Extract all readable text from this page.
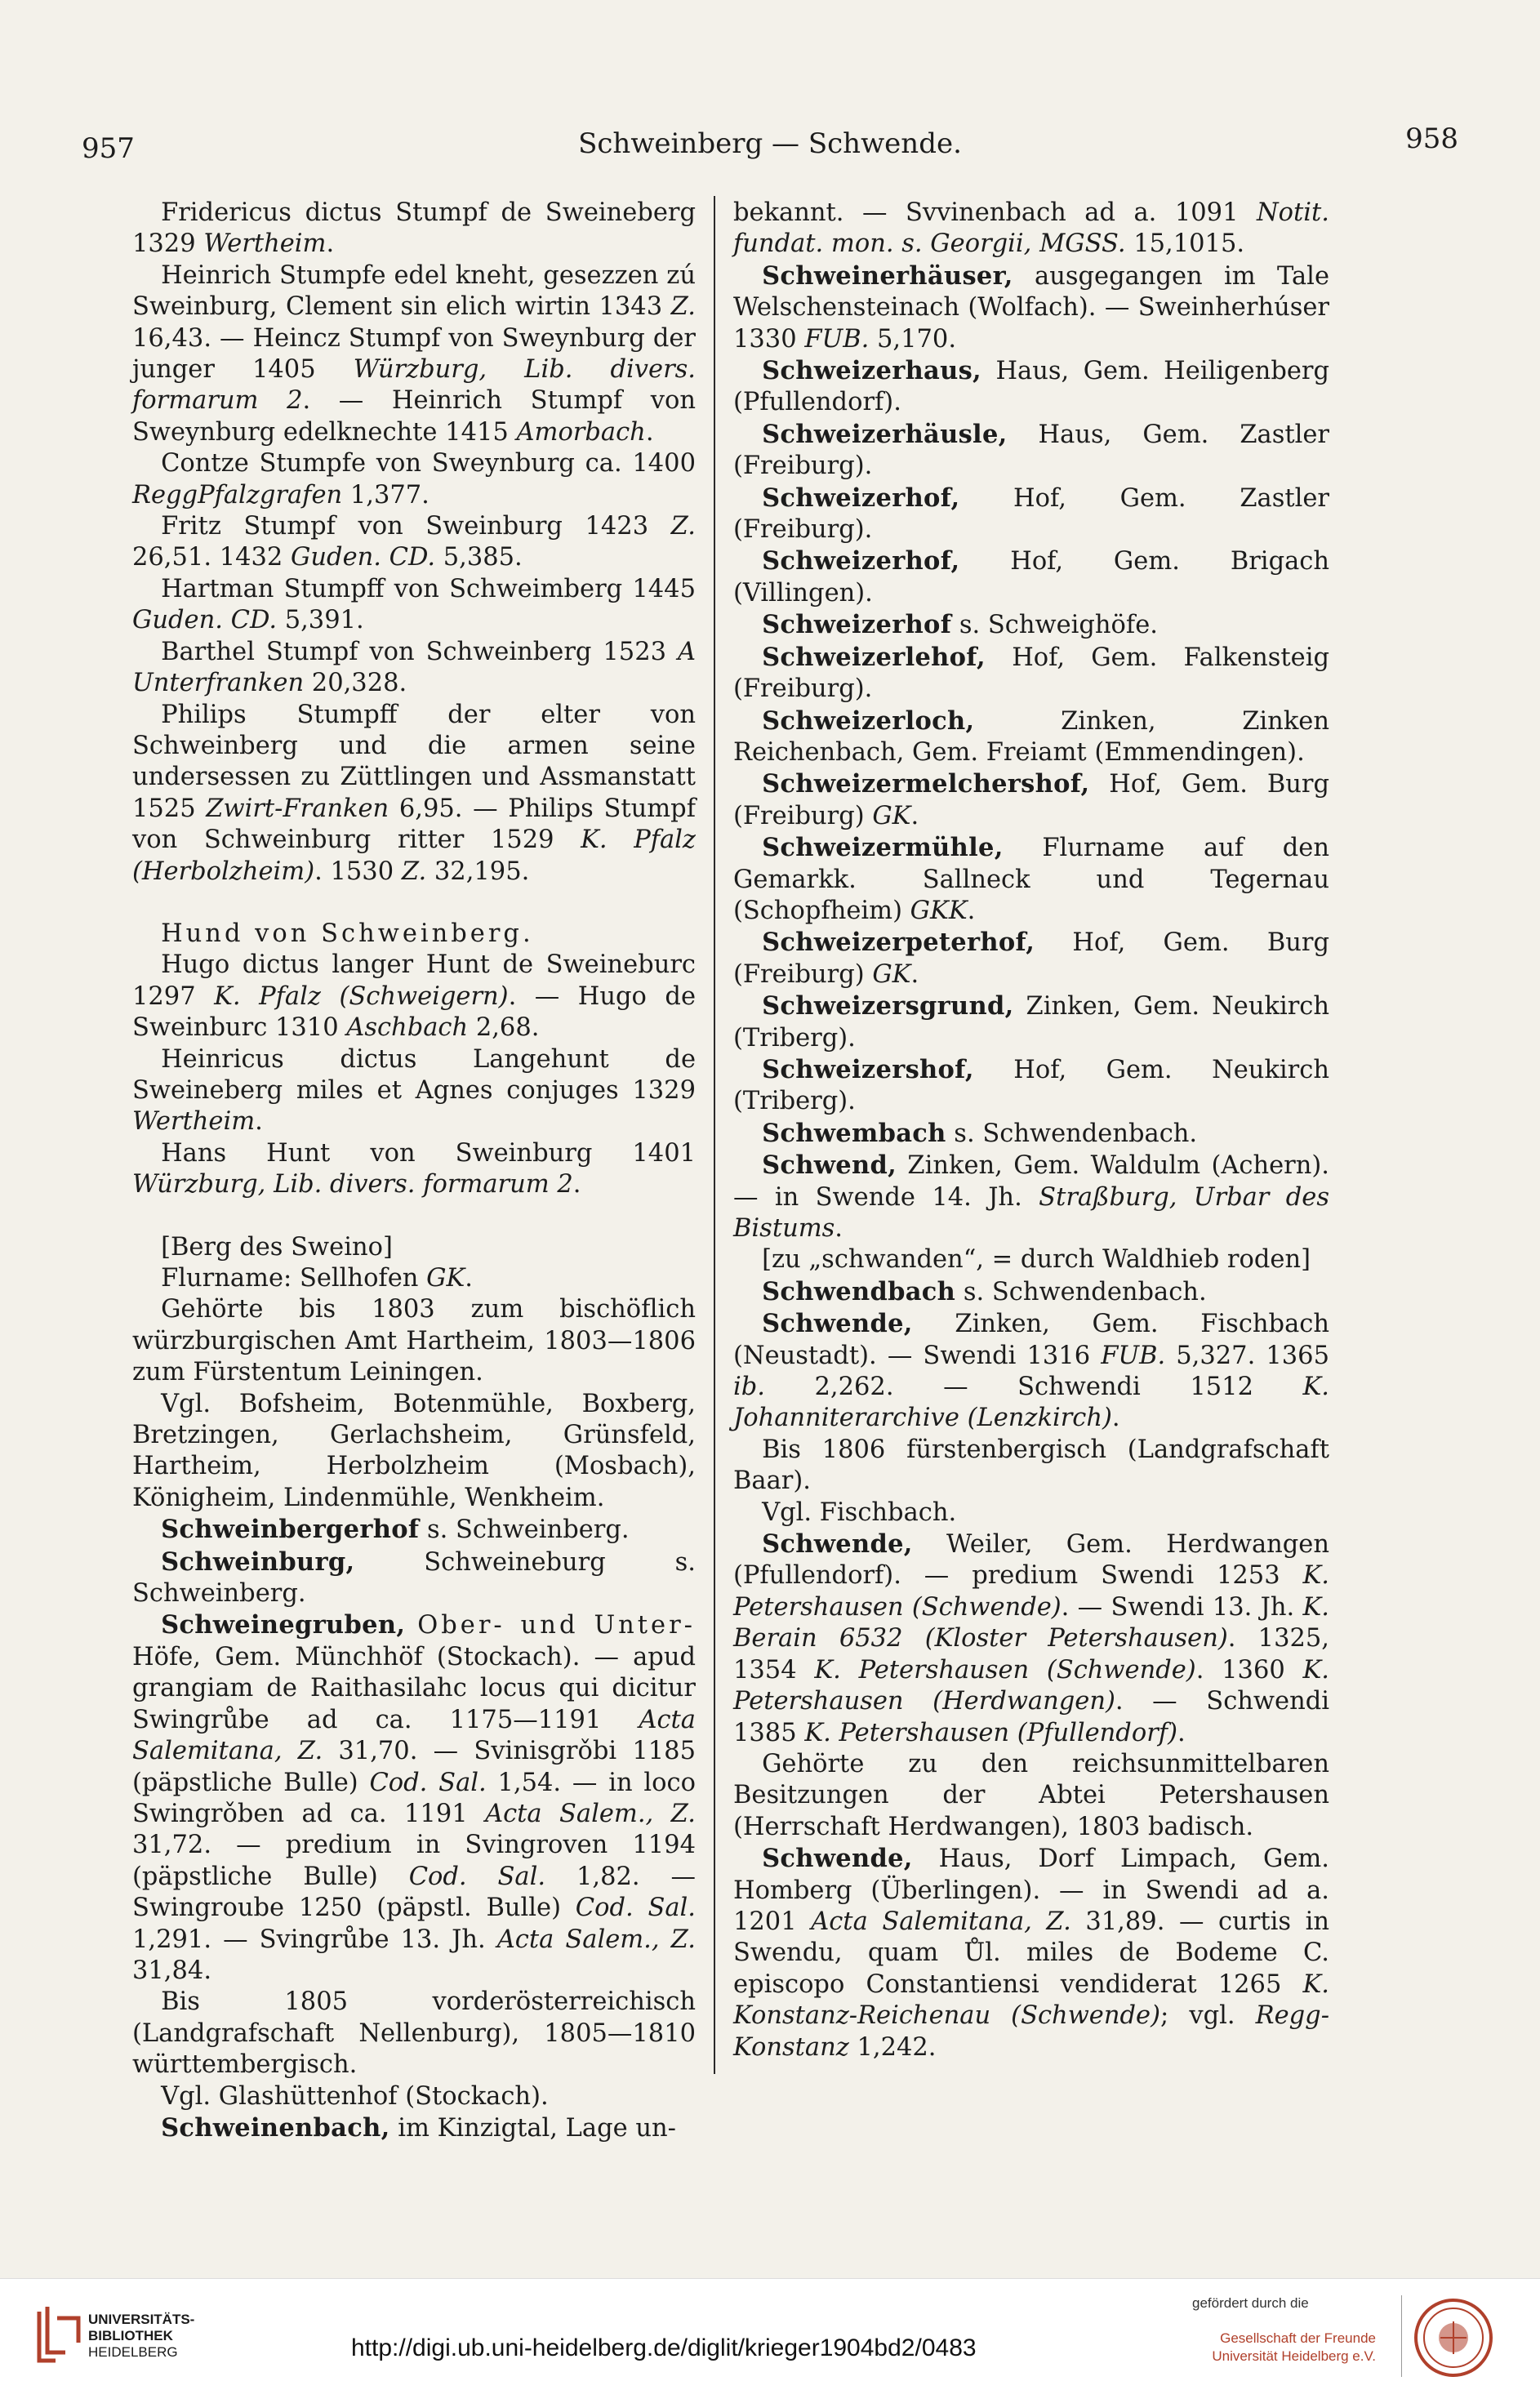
957	Schweinberg — Schwende.	958

Fridericus dictus Stumpf de Sweineberg 1329 Wertheim.

Heinrich Stumpfe edel kneht, gesezzen zú Sweinburg, Clement sin elich wirtin 1343 Z. 16,43. — Heincz Stumpf von Sweynburg der junger 1405 Würzburg, Lib. divers. formarum 2. — Heinrich Stumpf von Sweynburg edelknechte 1415 Amorbach.

Contze Stumpfe von Sweynburg ca. 1400 ReggPfalzgrafen 1,377.

Fritz Stumpf von Sweinburg 1423 Z. 26,51. 1432 Guden. CD. 5,385.

Hartman Stumpff von Schweimberg 1445 Guden. CD. 5,391.

Barthel Stumpf von Schweinberg 1523 A Unterfranken 20,328.

Philips Stumpff der elter von Schweinberg und die armen seine undersessen zu Züttlingen und Assmanstatt 1525 Zwirt-Franken 6,95. — Philips Stumpf von Schweinburg ritter 1529 K. Pfalz (Herbolzheim). 1530 Z. 32,195.

Hund von Schweinberg.

Hugo dictus langer Hunt de Sweineburc 1297 K. Pfalz (Schweigern). — Hugo de Sweinburc 1310 Aschbach 2,68.

Heinricus dictus Langehunt de Sweineberg miles et Agnes conjuges 1329 Wertheim.

Hans Hunt von Sweinburg 1401 Würzburg, Lib. divers. formarum 2.

[Berg des Sweino]

Flurname: Sellhofen GK.

Gehörte bis 1803 zum bischöflich würzburgischen Amt Hartheim, 1803—1806 zum Fürstentum Leiningen.

Vgl. Bofsheim, Botenmühle, Boxberg, Bretzingen, Gerlachsheim, Grünsfeld, Hartheim, Herbolzheim (Mosbach), Königheim, Lindenmühle, Wenkheim.

Schweinbergerhof s. Schweinberg.

Schweinburg, Schweineburg s. Schweinberg.

Schweinegruben, Ober- und Unter- Höfe, Gem. Münchhöf (Stockach). — apud grangiam de Raithasilahc locus qui dicitur Swingrůbe ad ca. 1175—1191 Acta Salemitana, Z. 31,70. — Svinisgrǒbi 1185 (päpstliche Bulle) Cod. Sal. 1,54. — in loco Swingrǒben ad ca. 1191 Acta Salem., Z. 31,72. — predium in Svingroven 1194 (päpstliche Bulle) Cod. Sal. 1,82. — Swingroube 1250 (päpstl. Bulle) Cod. Sal. 1,291. — Svingrůbe 13. Jh. Acta Salem., Z. 31,84.

Bis 1805 vorderösterreichisch (Landgrafschaft Nellenburg), 1805—1810 württembergisch.

Vgl. Glashüttenhof (Stockach).

Schweinenbach, im Kinzigtal, Lage un-

bekannt. — Svvinenbach ad a. 1091 Notit. fundat. mon. s. Georgii, MGSS. 15,1015.

Schweinerhäuser, ausgegangen im Tale Welschensteinach (Wolfach). — Sweinherhúser 1330 FUB. 5,170.

Schweizerhaus, Haus, Gem. Heiligenberg (Pfullendorf).

Schweizerhäusle, Haus, Gem. Zastler (Freiburg).

Schweizerhof, Hof, Gem. Zastler (Freiburg).

Schweizerhof, Hof, Gem. Brigach (Villingen).

Schweizerhof s. Schweighöfe.

Schweizerlehof, Hof, Gem. Falkensteig (Freiburg).

Schweizerloch, Zinken, Zinken Reichenbach, Gem. Freiamt (Emmendingen).

Schweizermelchershof, Hof, Gem. Burg (Freiburg) GK.

Schweizermühle, Flurname auf den Gemarkk. Sallneck und Tegernau (Schopfheim) GKK.

Schweizerpeterhof, Hof, Gem. Burg (Freiburg) GK.

Schweizersgrund, Zinken, Gem. Neukirch (Triberg).

Schweizershof, Hof, Gem. Neukirch (Triberg).

Schwembach s. Schwendenbach.

Schwend, Zinken, Gem. Waldulm (Achern). — in Swende 14. Jh. Straßburg, Urbar des Bistums.

[zu „schwanden“, = durch Waldhieb roden]

Schwendbach s. Schwendenbach.

Schwende, Zinken, Gem. Fischbach (Neustadt). — Swendi 1316 FUB. 5,327. 1365 ib. 2,262. — Schwendi 1512 K. Johanniterarchive (Lenzkirch).

Bis 1806 fürstenbergisch (Landgrafschaft Baar).

Vgl. Fischbach.

Schwende, Weiler, Gem. Herdwangen (Pfullendorf). — predium Swendi 1253 K. Petershausen (Schwende). — Swendi 13. Jh. K. Berain 6532 (Kloster Petershausen). 1325, 1354 K. Petershausen (Schwende). 1360 K. Petershausen (Herdwangen). — Schwendi 1385 K. Petershausen (Pfullendorf).

Gehörte zu den reichsunmittelbaren Besitzungen der Abtei Petershausen (Herrschaft Herdwangen), 1803 badisch.

Schwende, Haus, Dorf Limpach, Gem. Homberg (Überlingen). — in Swendi ad a. 1201 Acta Salemitana, Z. 31,89. — curtis in Swendu, quam Ůl. miles de Bodeme C. episcopo Constantiensi vendiderat 1265 K. Konstanz-Reichenau (Schwende); vgl. Regg-Konstanz 1,242.

UNIVERSITÄTS-
BIBLIOTHEK
HEIDELBERG	http://digi.ub.uni-heidelberg.de/diglit/krieger1904bd2/0483
gefördert durch die
Gesellschaft der Freunde
Universität Heidelberg e.V.
